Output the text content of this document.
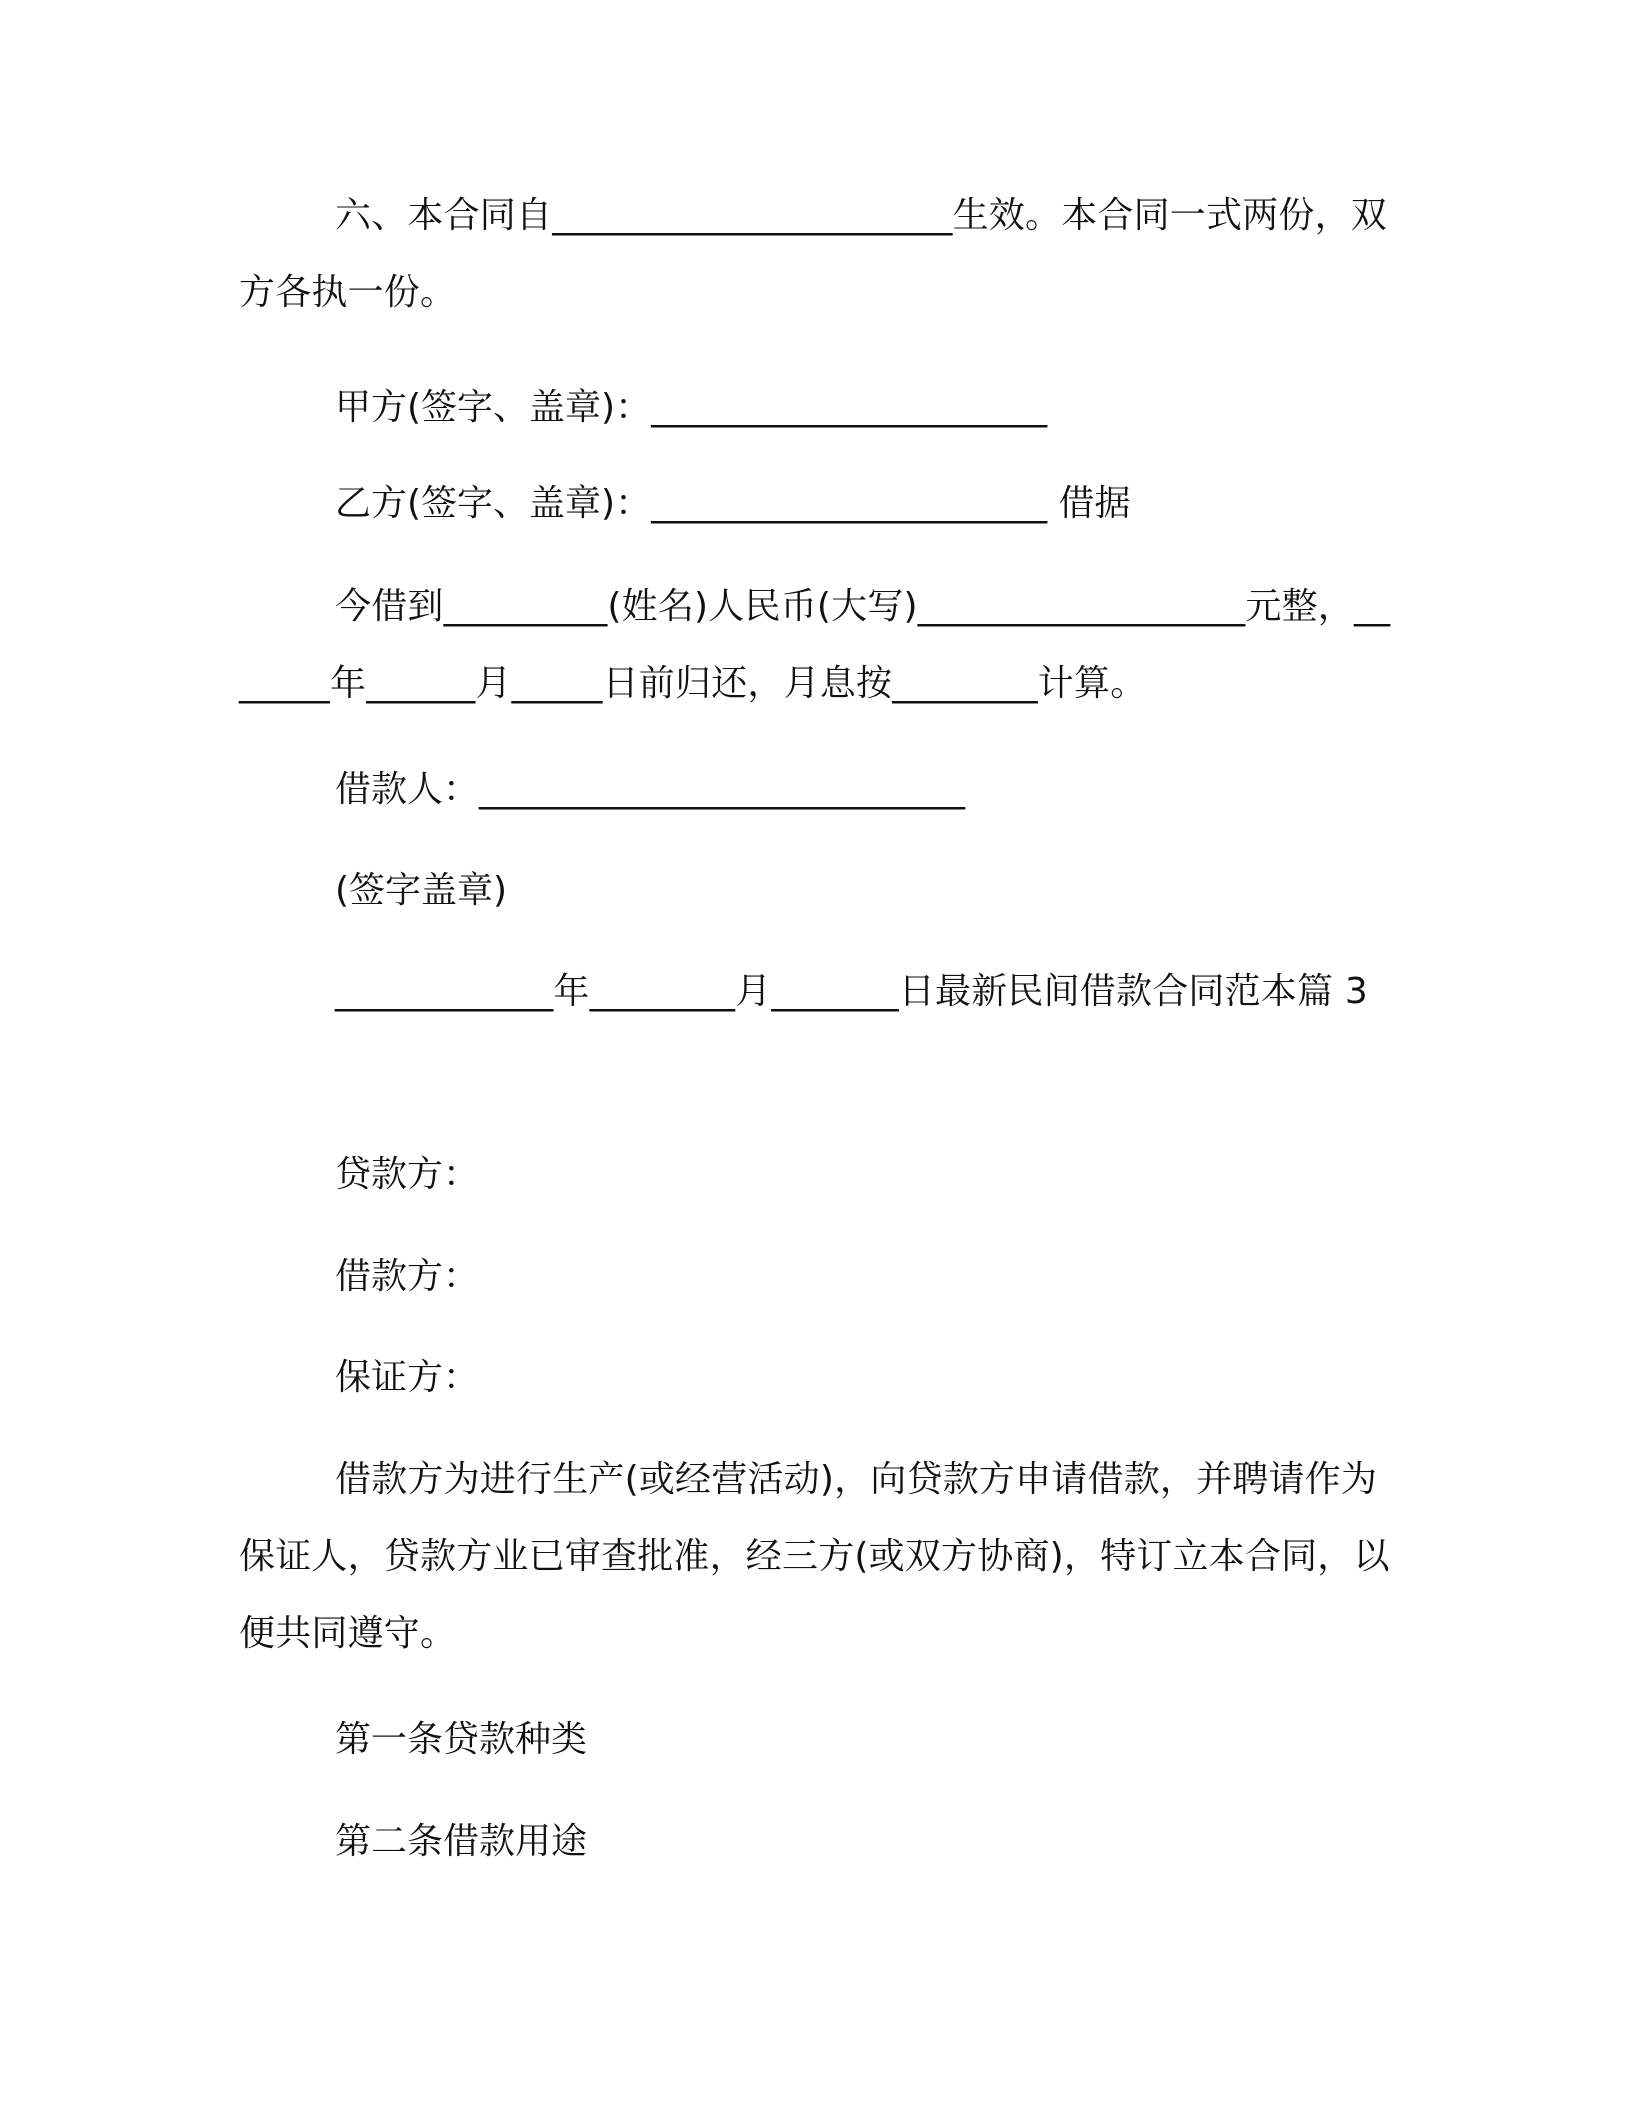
六、本合同自______________________生效。本合同一式两份，双方各执一份。
甲方(签字、盖章)：______________________
乙方(签字、盖章)：______________________ 借据
今借到_________(姓名)人民币(大写)__________________元整，_______年______月_____日前归还，月息按________计算。
借款人：___________________________
(签字盖章)
____________年________月_______日最新民间借款合同范本篇 3
贷款方：
借款方：
保证方：
借款方为进行生产(或经营活动)，向贷款方申请借款，并聘请作为保证人，贷款方业已审查批准，经三方(或双方协商)，特订立本合同，以便共同遵守。
第一条贷款种类
第二条借款用途
